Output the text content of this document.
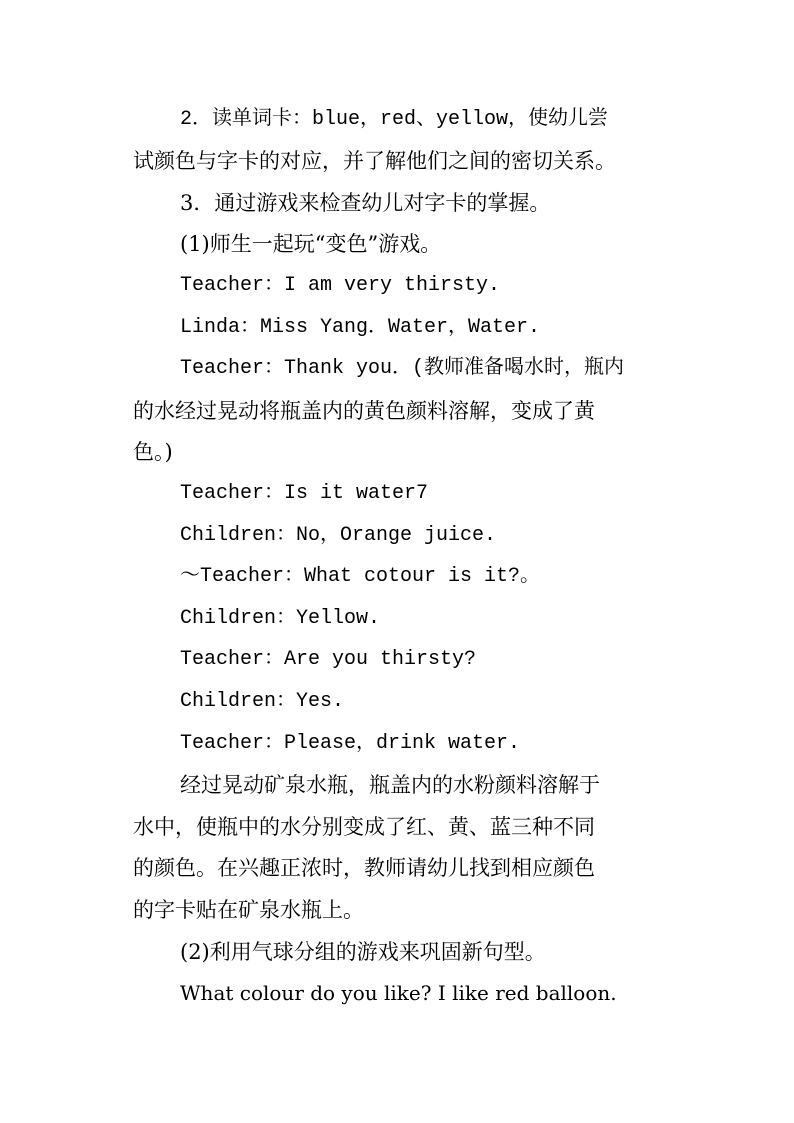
2．读单词卡：blue，red、yellow，使幼儿尝
试颜色与字卡的对应，并了解他们之间的密切关系。
3．通过游戏来检查幼儿对字卡的掌握。
(1)师生一起玩“变色”游戏。
Teacher：I am very thirsty.
Linda：Miss Yang．Water，Water.
Teacher：Thank you．(教师准备喝水时，瓶内
的水经过晃动将瓶盖内的黄色颜料溶解，变成了黄
色。)
Teacher：Is it water7
Children：No，Orange juice.
～Teacher：What cotour is it?。
Children：Yellow.
Teacher：Are you thirsty?
Children：Yes.
Teacher：Please，drink water.
经过晃动矿泉水瓶，瓶盖内的水粉颜料溶解于
水中，使瓶中的水分别变成了红、黄、蓝三种不同
的颜色。在兴趣正浓时，教师请幼儿找到相应颜色
的字卡贴在矿泉水瓶上。
(2)利用气球分组的游戏来巩固新句型。
What colour do you like? I like red balloon.
